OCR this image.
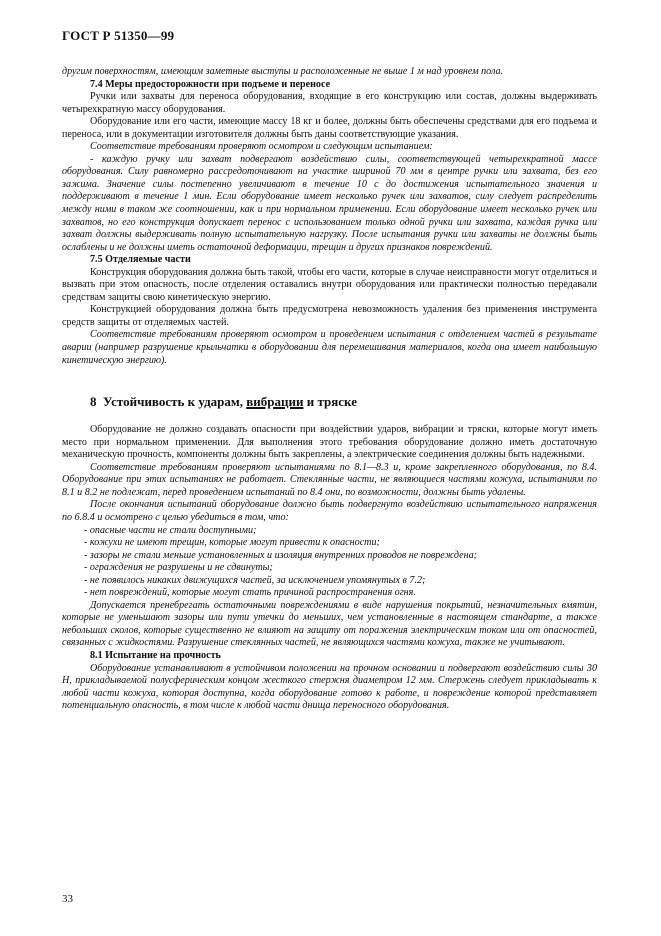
ГОСТ Р 51350—99

другим поверхностям, имеющим заметные выступы и расположенные не выше 1 м над уровнем пола.

7.4 Меры предосторожности при подъеме и переносе

Ручки или захваты для переноса оборудования, входящие в его конструкцию или состав, должны выдерживать четырехкратную массу оборудования.

Оборудование или его части, имеющие массу 18 кг и более, должны быть обеспечены средствами для его подъема и переноса, или в документации изготовителя должны быть даны соответствующие указания.

Соответствие требованиям проверяют осмотром и следующим испытанием:

- каждую ручку или захват подвергают воздействию силы, соответствующей четырехкратной массе оборудования. Силу равномерно рассредоточивают на участке шириной 70 мм в центре ручки или захвата, без его зажима. Значение силы постепенно увеличивают в течение 10 с до достижения испытательного значения и поддерживают в течение 1 мин. Если оборудование имеет несколько ручек или захватов, силу следует распределить между ними в таком же соотношении, как и при нормальном применении. Если оборудование имеет несколько ручек или захватов, но его конструкция допускает перенос с использованием только одной ручки или захвата, каждая ручка или захват должны выдерживать полную испытательную нагрузку. После испытания ручки или захваты не должны быть ослаблены и не должны иметь остаточной деформации, трещин и других признаков повреждений.

7.5 Отделяемые части

Конструкция оборудования должна быть такой, чтобы его части, которые в случае неисправности могут отделиться и вызвать при этом опасность, после отделения оставались внутри оборудования или практически полностью передавали средствам защиты свою кинетическую энергию.

Конструкцией оборудования должна быть предусмотрена невозможность удаления без применения инструмента средств защиты от отделяемых частей.

Соответствие требованиям проверяют осмотром и проведением испытания с отделением частей в результате аварии (например разрушение крыльчатки в оборудовании для перемешивания материалов, когда она имеет наибольшую кинетическую энергию).

8 Устойчивость к ударам, вибрации и тряске

Оборудование не должно создавать опасности при воздействии ударов, вибрации и тряски, которые могут иметь место при нормальном применении. Для выполнения этого требования оборудование должно иметь достаточную механическую прочность, компоненты должны быть закреплены, а электрические соединения должны быть надежными.

Соответствие требованиям проверяют испытаниями по 8.1—8.3 и, кроме закрепленного оборудования, по 8.4. Оборудование при этих испытаниях не работает. Стеклянные части, не являющиеся частями кожуха, испытаниям по 8.1 и 8.2 не подлежат, перед проведением испытаний по 8.4 они, по возможности, должны быть удалены.

После окончания испытаний оборудование должно быть подвергнуто воздействию испытательного напряжения по 6.8.4 и осмотрено с целью убедиться в том, что:

- опасные части не стали доступными;

- кожухи не имеют трещин, которые могут привести к опасности;

- зазоры не стали меньше установленных и изоляция внутренних проводов не повреждена;

- ограждения не разрушены и не сдвинуты;

- не появилось никаких движущихся частей, за исключением упомянутых в 7.2;

- нет повреждений, которые могут стать причиной распространения огня.

Допускается пренебрегать остаточными повреждениями в виде нарушения покрытий, незначительных вмятин, которые не уменьшают зазоры или пути утечки до меньших, чем установленные в настоящем стандарте, а также небольших сколов, которые существенно не влияют на защиту от поражения электрическим током или от опасностей, связанных с жидкостями. Разрушение стеклянных частей, не являющихся частями кожуха, также не учитывают.

8.1 Испытание на прочность

Оборудование устанавливают в устойчивом положении на прочном основании и подвергают воздействию силы 30 Н, прикладываемой полусферическим концом жесткого стержня диаметром 12 мм. Стержень следует прикладывать к любой части кожуха, которая доступна, когда оборудование готово к работе, и повреждение которой представляет потенциальную опасность, в том числе к любой части днища переносного оборудования.

33
